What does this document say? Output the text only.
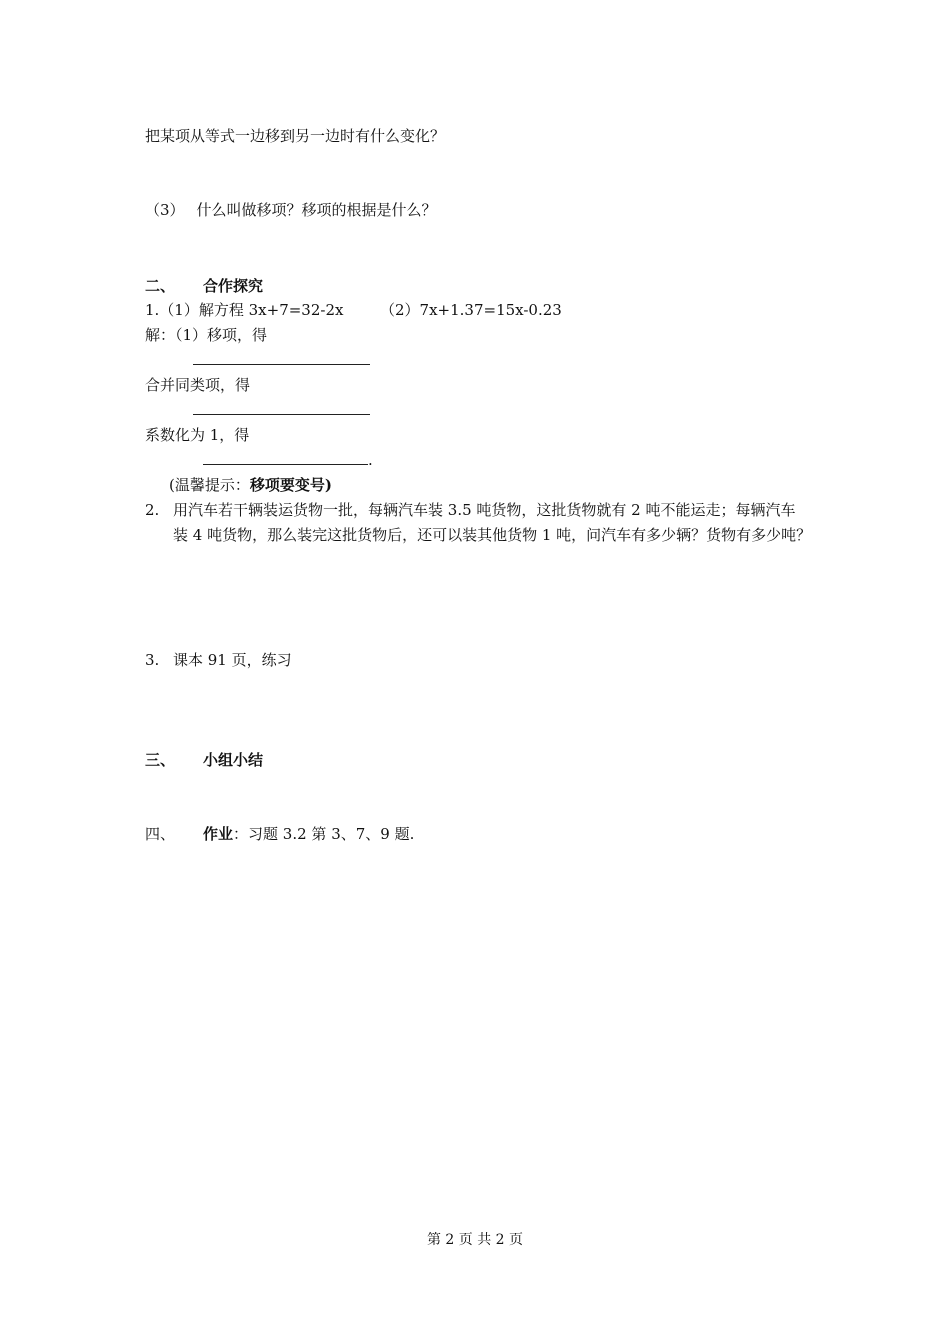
把某项从等式一边移到另一边时有什么变化？
（3） 什么叫做移项？移项的根据是什么？
二、 合作探究
1.（1）解方程 3x+7=32-2x （2）7x+1.37=15x-0.23
解：（1）移项，得
合并同类项，得
系数化为 1，得
.
(温馨提示：移项要变号)
2. 用汽车若干辆装运货物一批，每辆汽车装 3.5 吨货物，这批货物就有 2 吨不能运走；每辆汽车
装 4 吨货物，那么装完这批货物后，还可以装其他货物 1 吨，问汽车有多少辆？货物有多少吨？
3. 课本 91 页，练习
三、 小组小结
四、 作业：习题 3.2 第 3、7、9 题.
第 2 页 共 2 页
